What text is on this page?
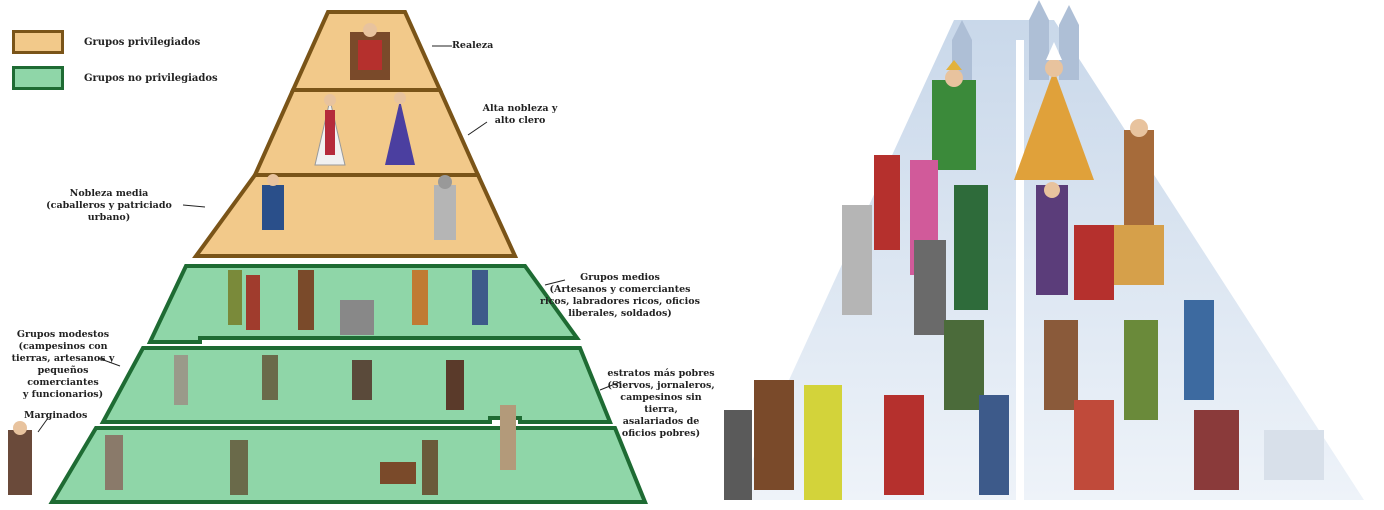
Grupos privilegiados
Grupos no privilegiados
Realeza
Alta nobleza y
alto clero
Nobleza media
(caballeros y patriciado urbano)
Grupos medios
(Artesanos y comerciantes
ricos, labradores ricos, oficios
liberales, soldados)
Grupos modestos
(campesinos con
tierras, artesanos y
pequeños comerciantes
y funcionarios)
Marginados
estratos más pobres
(Siervos, jornaleros,
campesinos sin tierra,
asalariados de
oficios pobres)
